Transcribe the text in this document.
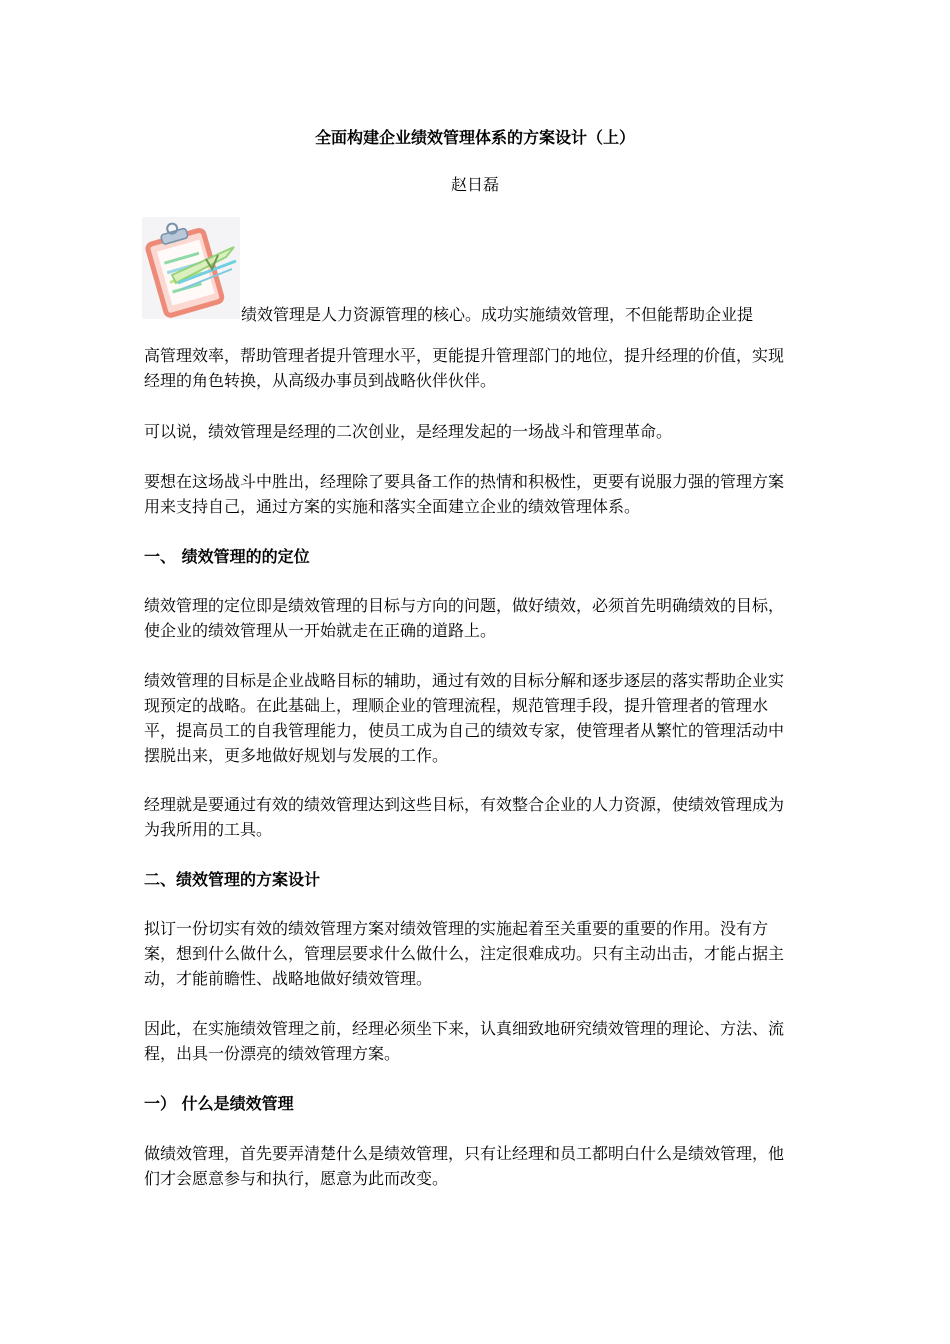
全面构建企业绩效管理体系的方案设计（上）
赵日磊
绩效管理是人力资源管理的核心。成功实施绩效管理，不但能帮助企业提

高管理效率，帮助管理者提升管理水平，更能提升管理部门的地位，提升经理的价值，实现经理的角色转换，从高级办事员到战略伙伴伙伴。

可以说，绩效管理是经理的二次创业，是经理发起的一场战斗和管理革命。

要想在这场战斗中胜出，经理除了要具备工作的热情和积极性，更要有说服力强的管理方案用来支持自己，通过方案的实施和落实全面建立企业的绩效管理体系。

一、 绩效管理的的定位

绩效管理的定位即是绩效管理的目标与方向的问题，做好绩效，必须首先明确绩效的目标，使企业的绩效管理从一开始就走在正确的道路上。

绩效管理的目标是企业战略目标的辅助，通过有效的目标分解和逐步逐层的落实帮助企业实现预定的战略。在此基础上，理顺企业的管理流程，规范管理手段，提升管理者的管理水平，提高员工的自我管理能力，使员工成为自己的绩效专家，使管理者从繁忙的管理活动中摆脱出来，更多地做好规划与发展的工作。

经理就是要通过有效的绩效管理达到这些目标，有效整合企业的人力资源，使绩效管理成为为我所用的工具。

二、绩效管理的方案设计

拟订一份切实有效的绩效管理方案对绩效管理的实施起着至关重要的重要的作用。没有方案，想到什么做什么，管理层要求什么做什么，注定很难成功。只有主动出击，才能占据主动，才能前瞻性、战略地做好绩效管理。

因此，在实施绩效管理之前，经理必须坐下来，认真细致地研究绩效管理的理论、方法、流程，出具一份漂亮的绩效管理方案。

一） 什么是绩效管理

做绩效管理，首先要弄清楚什么是绩效管理，只有让经理和员工都明白什么是绩效管理，他们才会愿意参与和执行，愿意为此而改变。
